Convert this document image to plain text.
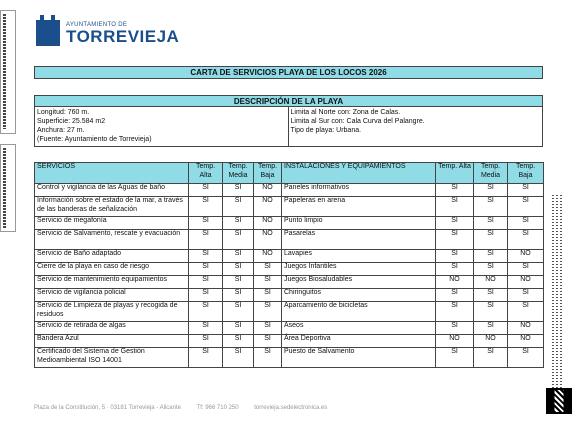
AYUNTAMIENTO DE
TORREVIEJA
CARTA DE SERVICIOS PLAYA DE LOS LOCOS 2026
DESCRIPCIÓN DE LA PLAYA
Longitud: 760 m.
Superficie: 25.584 m2
Anchura: 27 m.
(Fuente: Ayuntamiento de Torrevieja)
Limita al Norte con: Zona de Calas.
Limita al Sur con: Cala Curva del Palangre.
Tipo de playa: Urbana.
SERVICIOS	Temp. Alta	Temp. Media	Temp. Baja	INSTALACIONES Y EQUIPAMIENTOS	Temp. Alta	Temp. Media	Temp. Baja
Control y vigilancia de las Aguas de baño	SI	SI	NO	Paneles informativos	SI	SI	SI
Información sobre el estado de la mar, a través de las banderas de señalización	SI	SI	NO	Papeleras en arena	SI	SI	SI
Servicio de megafonía	SI	SI	NO	Punto limpio	SI	SI	SI
Servicio de Salvamento, rescate y evacuación	SI	SI	NO	Pasarelas	SI	SI	SI
Servicio de Baño adaptado	SI	SI	NO	Lavapies	SI	SI	NO
Cierre de la playa en caso de riesgo	SI	SI	SI	Juegos Infantiles	SI	SI	SI
Servicio de mantenimiento equipamientos	SI	SI	SI	Juegos Biosaludables	NO	NO	NO
Servicio de vigilancia policial	SI	SI	SI	Chiringuitos	SI	SI	SI
Servicio de Limpieza de playas y recogida de residuos	SI	SI	SI	Aparcamiento de bicicletas	SI	SI	SI
Servicio de retirada de algas	SI	SI	SI	Aseos	SI	SI	NO
Bandera Azul	SI	SI	SI	Área Deportiva	NO	NO	NO
Certificado del Sistema de Gestión Medioambiental ISO 14001	SI	SI	SI	Puesto de Salvamento	SI	SI	SI
Plaza de la Constitución, 5 · 03181 Torrevieja - Alicante	Tf: 966 710 250	torrevieja.sedelectronica.es
